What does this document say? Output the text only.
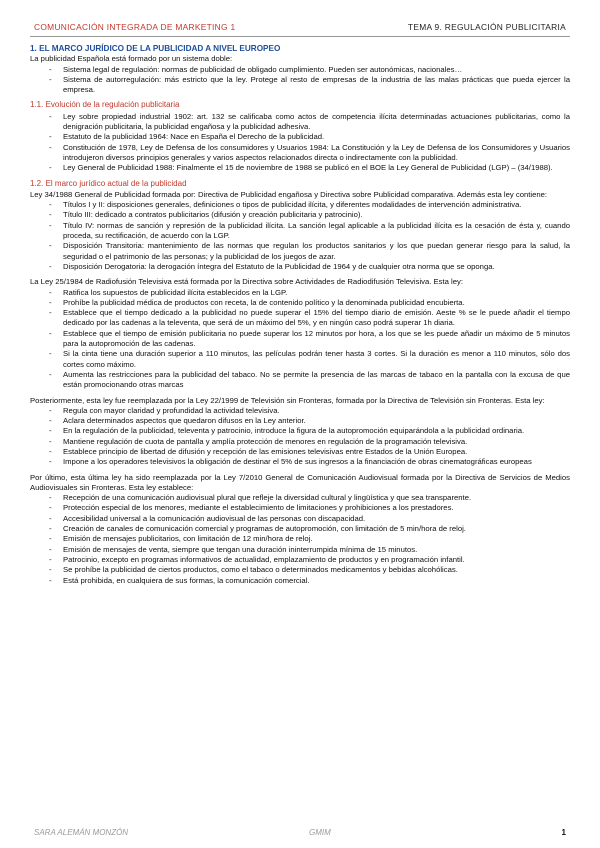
COMUNICACIÓN INTEGRADA DE MARKETING 1	TEMA 9. REGULACIÓN PUBLICITARIA
1. EL MARCO JURÍDICO DE LA PUBLICIDAD A NIVEL EUROPEO

La publicidad Española está formado por un sistema doble:

- Sistema legal de regulación: normas de publicidad de obligado cumplimiento. Pueden ser autonómicas, nacionales…
- Sistema de autorregulación: más estricto que la ley. Protege al resto de empresas de la industria de las malas prácticas que pueda ejercer la empresa.
1.1. Evolución de la regulación publicitaria
- Ley sobre propiedad industrial 1902: art. 132 se calificaba como actos de competencia ilícita determinadas actuaciones publicitarias, como la denigración publicitaria, la publicidad engañosa y la publicidad adhesiva.
- Estatuto de la publicidad 1964: Nace en España el Derecho de la publicidad.
- Constitución de 1978, Ley de Defensa de los consumidores y Usuarios 1984: La Constitución y la Ley de Defensa de los Consumidores y Usuarios introdujeron diversos principios generales y varios aspectos relacionados directa o indirectamente con la publicidad.
- Ley General de Publicidad 1988: Finalmente el 15 de noviembre de 1988 se publicó en el BOE la Ley General de Publicidad (LGP) – (34/1988).
1.2. El marco jurídico actual de la publicidad

Ley 34/1988 General de Publicidad formada por: Directiva de Publicidad engañosa y Directiva sobre Publicidad comparativa. Además esta ley contiene:

- Títulos I y II: disposiciones generales, definiciones o tipos de publicidad ilícita, y diferentes modalidades de intervención administrativa.
- Título III: dedicado a contratos publicitarios (difusión y creación publicitaria y patrocinio).
- Título IV: normas de sanción y represión de la publicidad ilícita. La sanción legal aplicable a la publicidad ilícita es la cesación de ésta y, cuando proceda, su rectificación, de acuerdo con la LGP.
- Disposición Transitoria: mantenimiento de las normas que regulan los productos sanitarios y los que puedan generar riesgo para la salud, la seguridad o el patrimonio de las personas; y la publicidad de los juegos de azar.
- Disposición Derogatoria: la derogación íntegra del Estatuto de la Publicidad de 1964 y de cualquier otra norma que se oponga.

La Ley 25/1984 de Radiofusión Televisiva está formada por la Directiva sobre Actividades de Radiodifusión Televisiva. Esta ley:

- Ratifica los supuestos de publicidad ilícita establecidos en la LGP.
- Prohíbe la publicidad médica de productos con receta, la de contenido político y la denominada publicidad encubierta.
- Establece que el tiempo dedicado a la publicidad no puede superar el 15% del tiempo diario de emisión. Aeste % se le puede añadir el tiempo dedicado por las cadenas a la televenta, que será de un máximo del 5%, y en ningún caso podrá superar 1h diaria.
- Establece que el tiempo de emisión publicitaria no puede superar los 12 minutos por hora, a los que se les puede añadir un máximo de 5 minutos para la autopromoción de las cadenas.
- Si la cinta tiene una duración superior a 110 minutos, las películas podrán tener hasta 3 cortes. Si la duración es menor a 110 minutos, sólo dos cortes como máximo.
- Aumenta las restricciones para la publicidad del tabaco. No se permite la presencia de las marcas de tabaco en la pantalla con la excusa de que están promocionando otras marcas

Posteriormente, esta ley fue reemplazada por la Ley 22/1999 de Televisión sin Fronteras, formada por la Directiva de Televisión sin Fronteras. Esta ley:

- Regula con mayor claridad y profundidad la actividad televisiva.
- Aclara determinados aspectos que quedaron difusos en la Ley anterior.
- En la regulación de la publicidad, televenta y patrocinio, introduce la figura de la autopromoción equiparándola a la publicidad ordinaria.
- Mantiene regulación de cuota de pantalla y amplía protección de menores en regulación de la programación televisiva.
- Establece principio de libertad de difusión y recepción de las emisiones televisivas entre Estados de la Unión Europea.
- Impone a los operadores televisivos la obligación de destinar el 5% de sus ingresos a la financiación de obras cinematográficas europeas

Por último, esta última ley ha sido reemplazada por la Ley 7/2010 General de Comunicación Audiovisual formada por la Directiva de Servicios de Medios Audiovisuales sin Fronteras. Esta ley establece:

- Recepción de una comunicación audiovisual plural que refleje la diversidad cultural y lingüística y que sea transparente.
- Protección especial de los menores, mediante el establecimiento de limitaciones y prohibiciones a los prestadores.
- Accesibilidad universal a la comunicación audiovisual de las personas con discapacidad.
- Creación de canales de comunicación comercial y programas de autopromoción, con limitación de 5 min/hora de reloj.
- Emisión de mensajes publicitarios, con limitación de 12 min/hora de reloj.
- Emisión de mensajes de venta, siempre que tengan una duración ininterrumpida mínima de 15 minutos.
- Patrocinio, excepto en programas informativos de actualidad, emplazamiento de productos y en programación infantil.
- Se prohíbe la publicidad de ciertos productos, como el tabaco o determinados medicamentos y bebidas alcohólicas.
- Está prohibida, en cualquiera de sus formas, la comunicación comercial.
SARA ALEMÁN MONZÓN	GMIM	1
